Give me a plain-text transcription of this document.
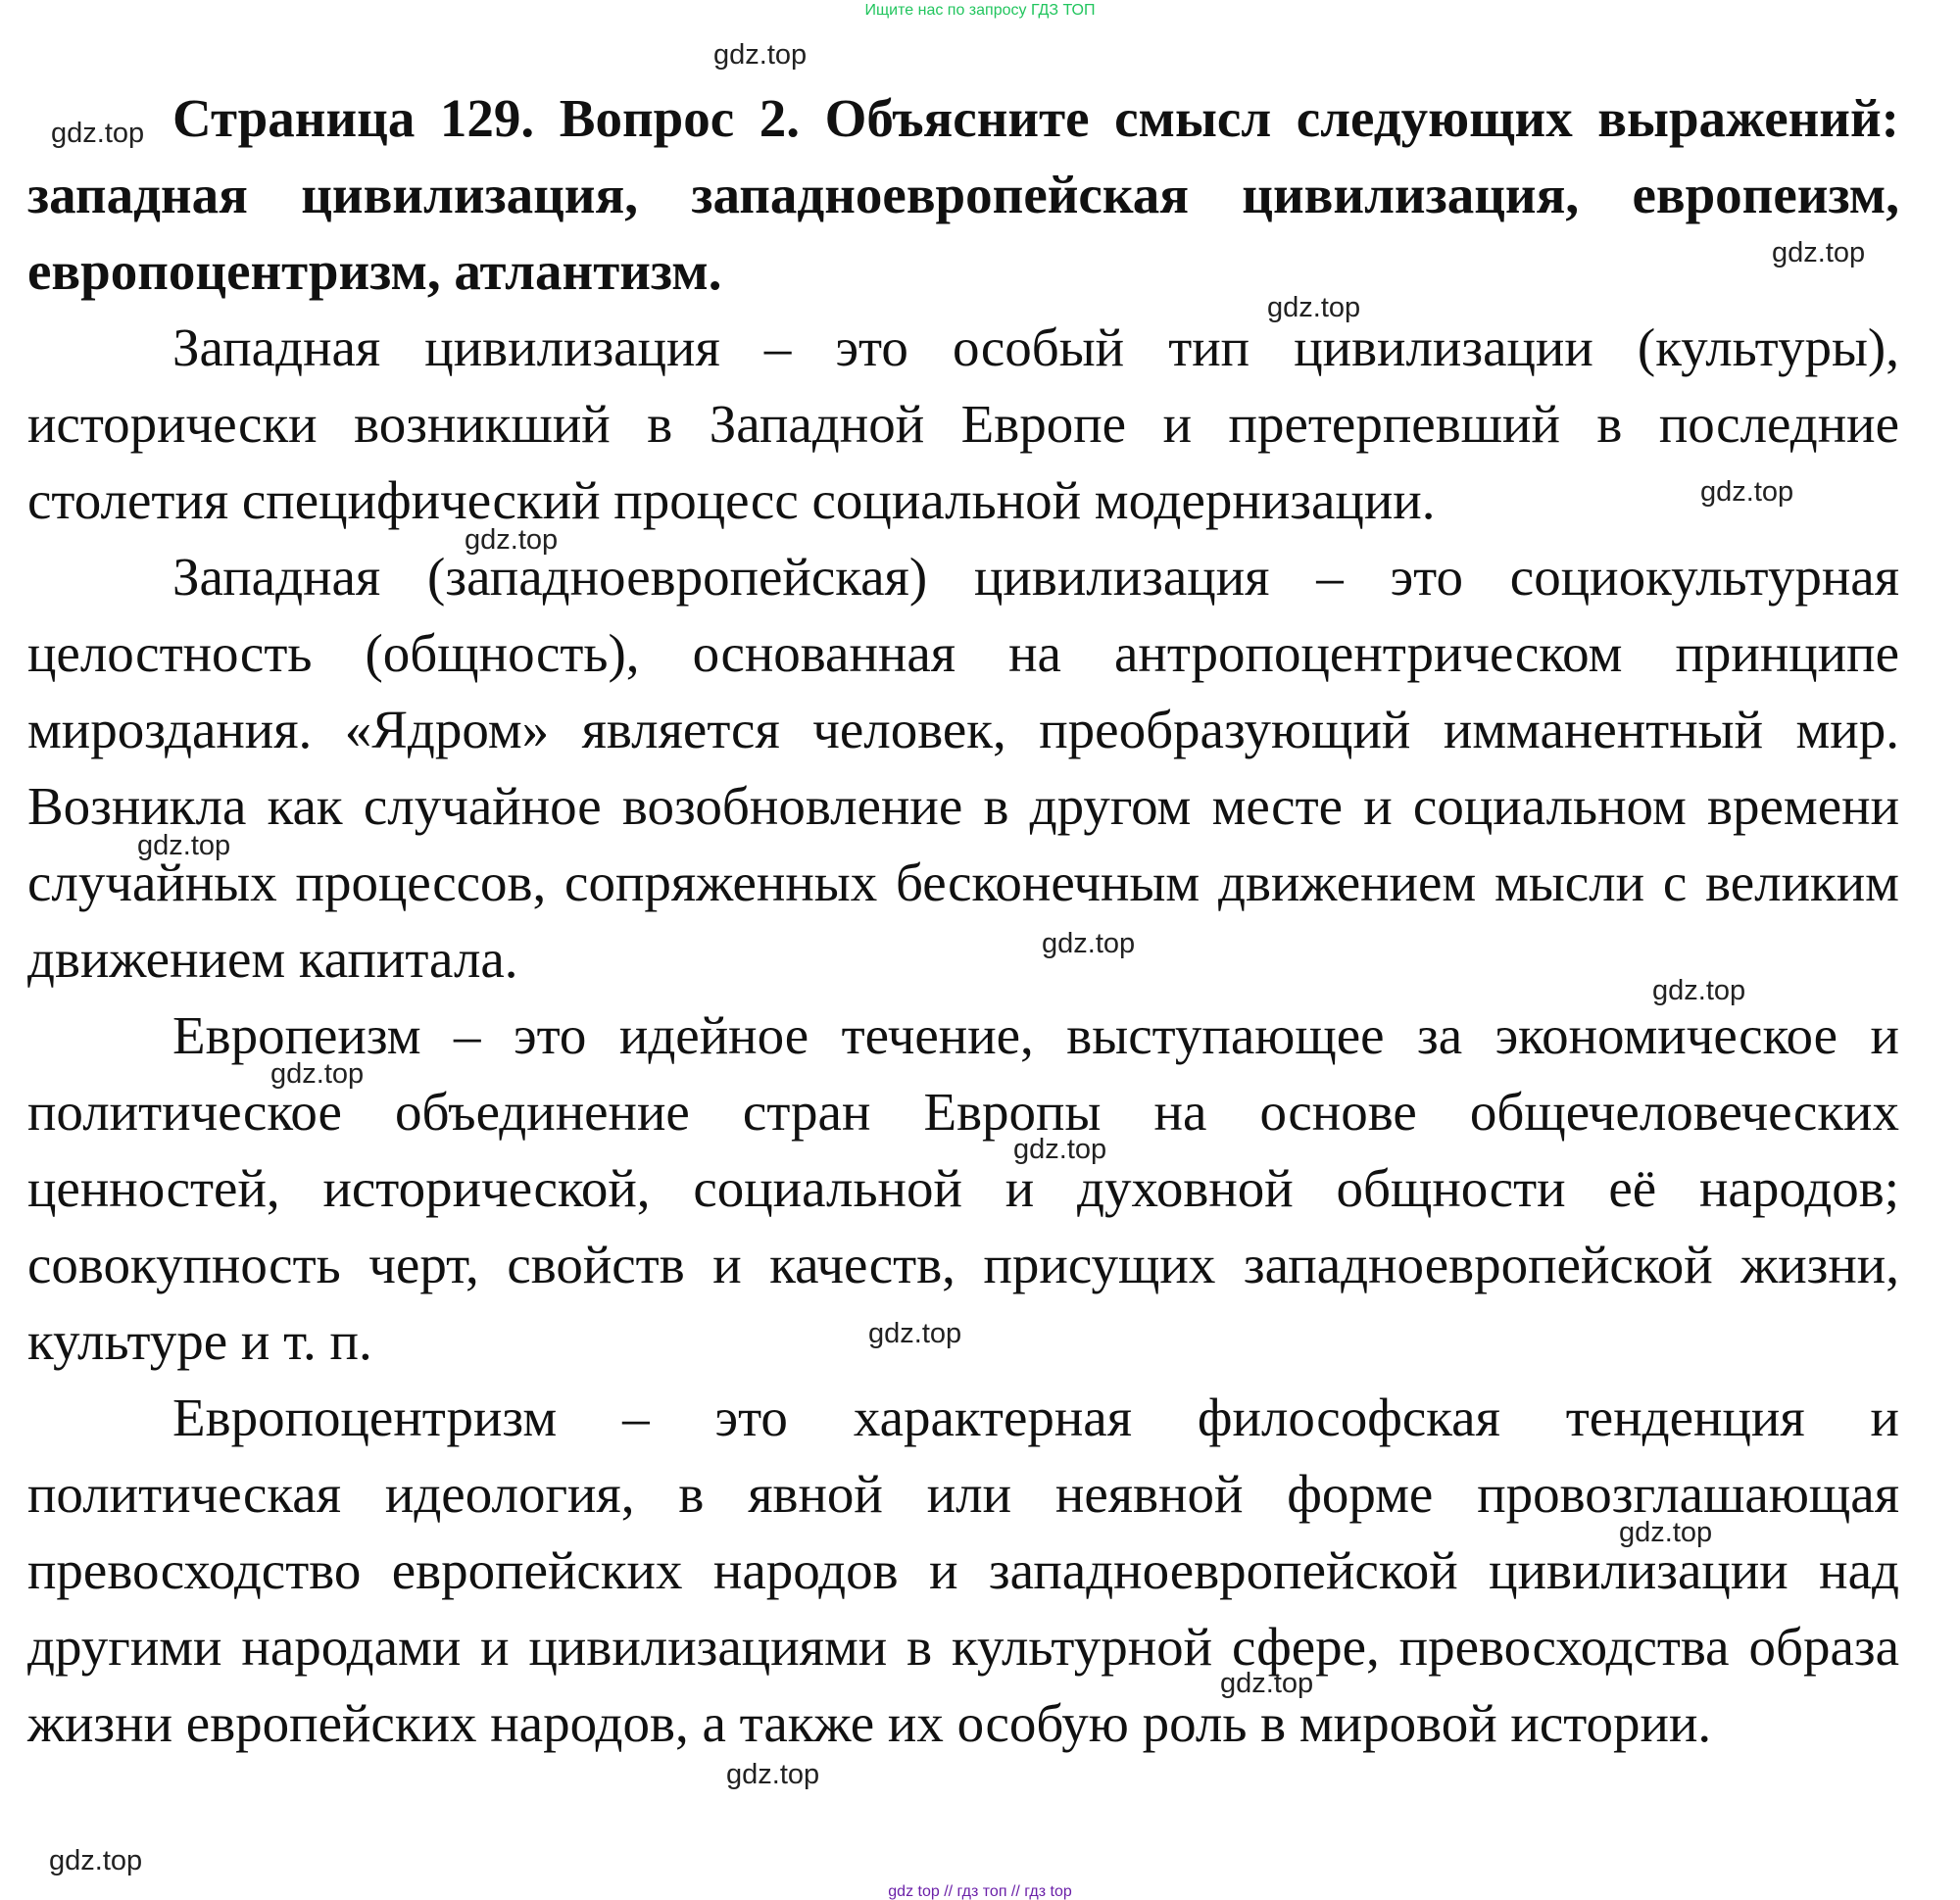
Ищите нас по запросу ГДЗ ТОП

Страница 129. Вопрос 2. Объясните смысл следующих выражений: западная цивилизация, западноевропейская цивилизация, европеизм, европоцентризм, атлантизм.

Западная цивилизация – это особый тип цивилизации (культуры), исторически возникший в Западной Европе и претерпевший в последние столетия специфический процесс социальной модернизации.

Западная (западноевропейская) цивилизация – это социокультурная целостность (общность), основанная на антропоцентрическом принципе мироздания. «Ядром» является человек, преобразующий имманентный мир. Возникла как случайное возобновление в другом месте и социальном времени случайных процессов, сопряженных бесконечным движением мысли с великим движением капитала.

Европеизм – это идейное течение, выступающее за экономическое и политическое объединение стран Европы на основе общечеловеческих ценностей, исторической, социальной и духовной общности её народов; совокупность черт, свойств и качеств, присущих западноевропейской жизни, культуре и т. п.

Европоцентризм – это характерная философская тенденция и политическая идеология, в явной или неявной форме провозглашающая превосходство европейских народов и западноевропейской цивилизации над другими народами и цивилизациями в культурной сфере, превосходства образа жизни европейских народов, а также их особую роль в мировой истории.

gdz.top
gdz.top
gdz.top
gdz.top
gdz.top
gdz.top
gdz.top
gdz.top
gdz.top
gdz.top
gdz.top
gdz.top
gdz.top
gdz.top
gdz.top
gdz.top
gdz top // гдз топ // гдз top
